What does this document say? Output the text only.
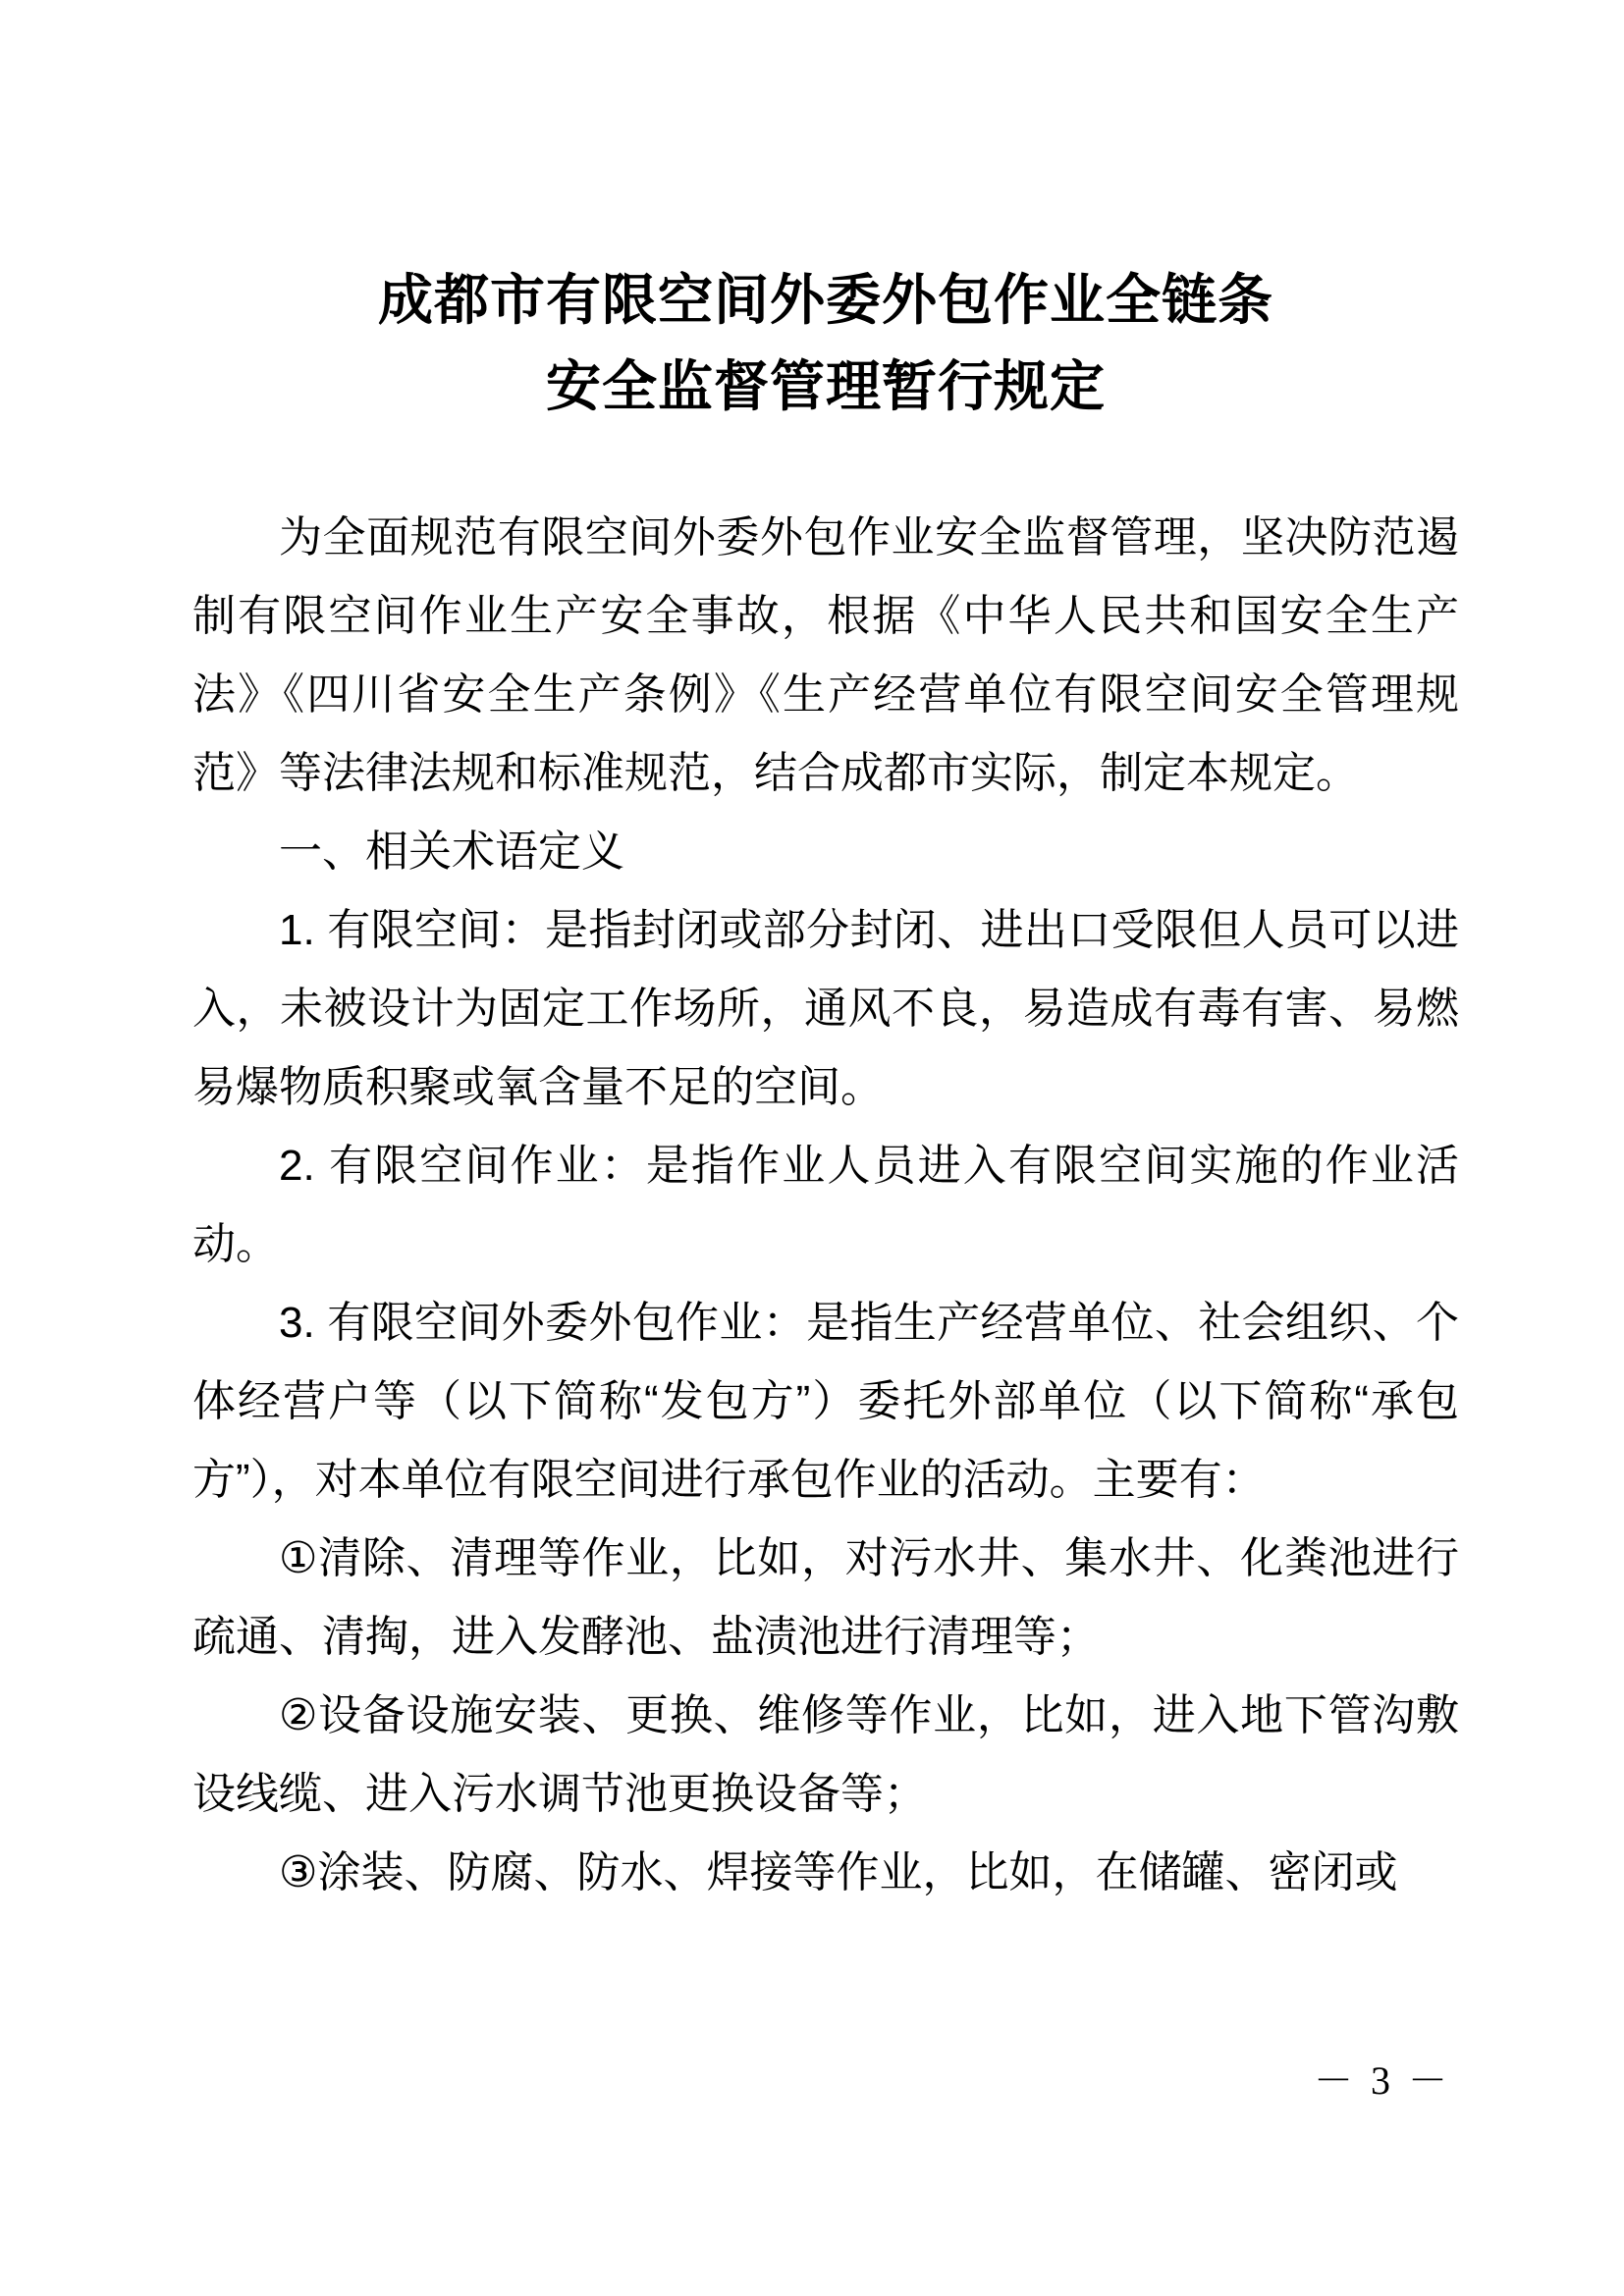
成都市有限空间外委外包作业全链条
安全监督管理暂行规定

为全面规范有限空间外委外包作业安全监督管理，坚决防范遏制有限空间作业生产安全事故，根据《中华人民共和国安全生产法》《四川省安全生产条例》《生产经营单位有限空间安全管理规范》等法律法规和标准规范，结合成都市实际，制定本规定。

一、相关术语定义

1. 有限空间：是指封闭或部分封闭、进出口受限但人员可以进入，未被设计为固定工作场所，通风不良，易造成有毒有害、易燃易爆物质积聚或氧含量不足的空间。

2. 有限空间作业：是指作业人员进入有限空间实施的作业活动。

3. 有限空间外委外包作业：是指生产经营单位、社会组织、个体经营户等（以下简称“发包方”）委托外部单位（以下简称“承包方”），对本单位有限空间进行承包作业的活动。主要有：

①清除、清理等作业，比如，对污水井、集水井、化粪池进行疏通、清掏，进入发酵池、盐渍池进行清理等；

②设备设施安装、更换、维修等作业，比如，进入地下管沟敷设线缆、进入污水调节池更换设备等；

③涂装、防腐、防水、焊接等作业，比如，在储罐、密闭或

－ 3 －
